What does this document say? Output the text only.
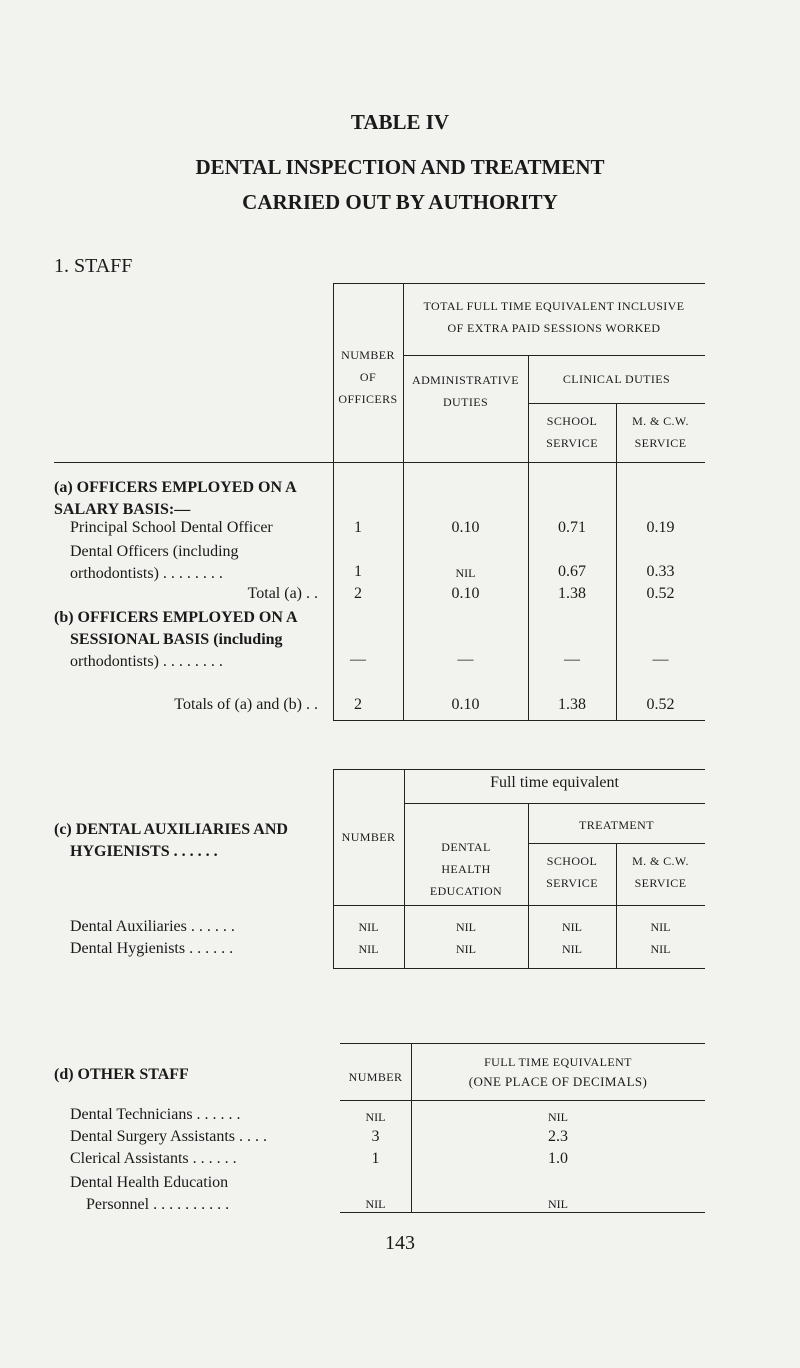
TABLE IV
DENTAL INSPECTION AND TREATMENT
CARRIED OUT BY AUTHORITY
1. STAFF
NUMBER
OF
OFFICERS
TOTAL FULL TIME EQUIVALENT INCLUSIVE
OF EXTRA PAID SESSIONS WORKED
ADMINISTRATIVE
DUTIES
CLINICAL DUTIES
SCHOOL
SERVICE
M. & C.W.
SERVICE
(a) OFFICERS EMPLOYED ON A
SALARY BASIS:—
Principal School Dental Officer	1	0.10	0.71	0.19
Dental Officers (including
orthodontists) . . . . . . . .	1	NIL	0.67	0.33
Total (a) . .	2	0.10	1.38	0.52
(b) OFFICERS EMPLOYED ON A
SESSIONAL BASIS (including
orthodontists) . . . . . . . .	—	—	—	—
Totals of (a) and (b) . .	2	0.10	1.38	0.52
(c) DENTAL AUXILIARIES AND
HYGIENISTS . . . . . .
NUMBER
Full time equivalent
DENTAL
HEALTH
EDUCATION
TREATMENT
SCHOOL
SERVICE
M. & C.W.
SERVICE
Dental Auxiliaries . . . . . .	NIL	NIL	NIL	NIL
Dental Hygienists . . . . . .	NIL	NIL	NIL	NIL
(d) OTHER STAFF	NUMBER
FULL TIME EQUIVALENT
(ONE PLACE OF DECIMALS)
Dental Technicians . . . . . .	NIL	NIL
Dental Surgery Assistants . . . .	3	2.3
Clerical Assistants . . . . . .	1	1.0
Dental Health Education
Personnel . . . . . . . . . .	NIL	NIL
143
